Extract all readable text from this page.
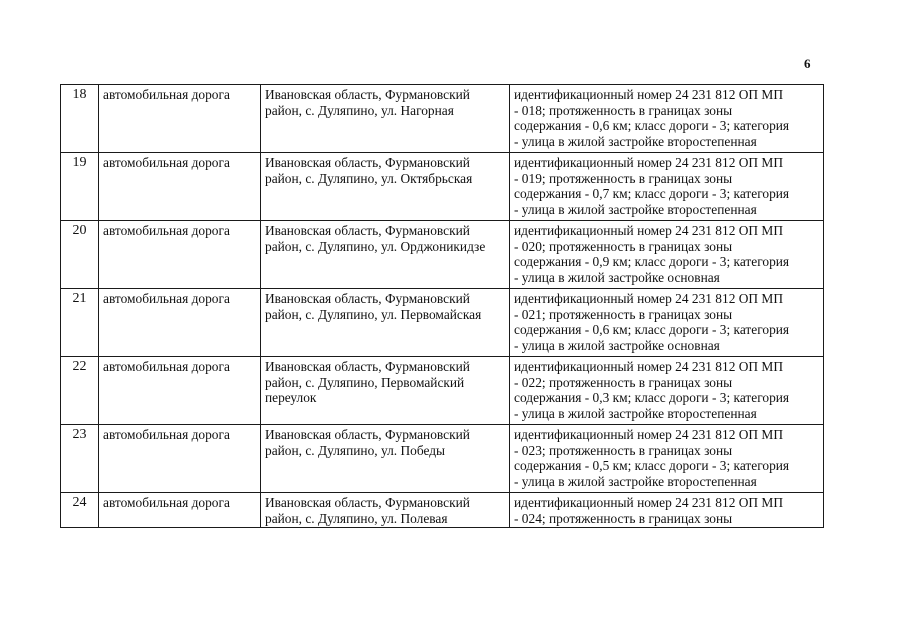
6
18	автомобильная дорога	Ивановская область, Фурмановский
район, с. Дуляпино, ул. Нагорная	идентификационный номер 24 231 812 ОП МП
- 018; протяженность в границах зоны
содержания - 0,6 км; класс дороги - 3; категория
- улица в жилой застройке второстепенная

19	автомобильная дорога	Ивановская область, Фурмановский
район, с. Дуляпино, ул. Октябрьская	идентификационный номер 24 231 812 ОП МП
- 019; протяженность в границах зоны
содержания - 0,7 км; класс дороги - 3; категория
- улица в жилой застройке второстепенная

20	автомобильная дорога	Ивановская область, Фурмановский
район, с. Дуляпино, ул. Орджоникидзе	идентификационный номер 24 231 812 ОП МП
- 020; протяженность в границах зоны
содержания - 0,9 км; класс дороги - 3; категория
- улица в жилой застройке основная

21	автомобильная дорога	Ивановская область, Фурмановский
район, с. Дуляпино, ул. Первомайская	идентификационный номер 24 231 812 ОП МП
- 021; протяженность в границах зоны
содержания - 0,6 км; класс дороги - 3; категория
- улица в жилой застройке основная

22	автомобильная дорога	Ивановская область, Фурмановский
район, с. Дуляпино, Первомайский
переулок	идентификационный номер 24 231 812 ОП МП
- 022; протяженность в границах зоны
содержания - 0,3 км; класс дороги - 3; категория
- улица в жилой застройке второстепенная

23	автомобильная дорога	Ивановская область, Фурмановский
район, с. Дуляпино, ул. Победы	идентификационный номер 24 231 812 ОП МП
- 023; протяженность в границах зоны
содержания - 0,5 км; класс дороги - 3; категория
- улица в жилой застройке второстепенная

24	автомобильная дорога	Ивановская область, Фурмановский
район, с. Дуляпино, ул. Полевая	идентификационный номер 24 231 812 ОП МП
- 024; протяженность в границах зоны
